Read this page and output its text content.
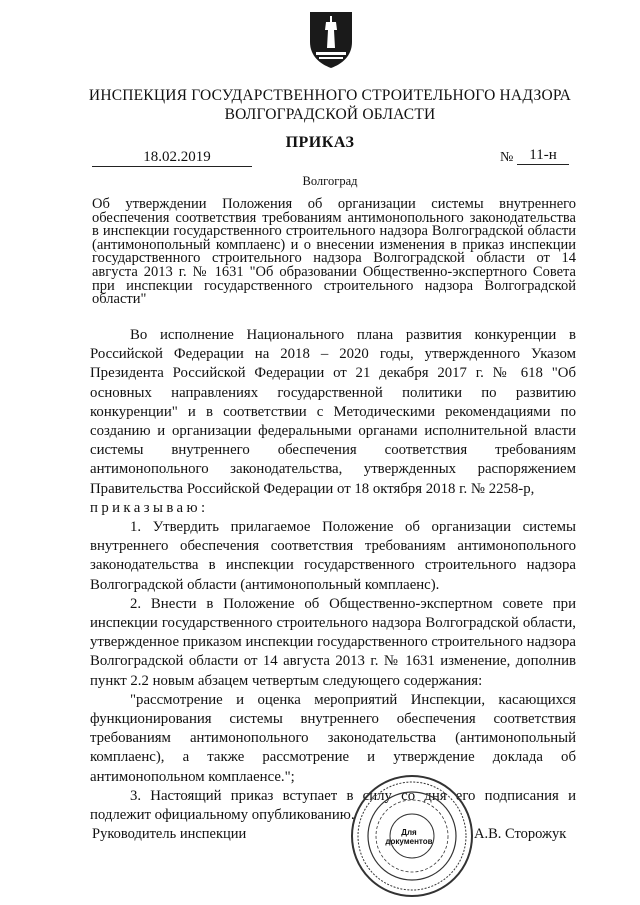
ИНСПЕКЦИЯ ГОСУДАРСТВЕННОГО СТРОИТЕЛЬНОГО НАДЗОРА
ВОЛГОГРАДСКОЙ ОБЛАСТИ
ПРИКАЗ
18.02.2019	№	11-н
Волгоград
Об утверждении Положения об организации системы внутреннего обеспечения соответствия требованиям антимонопольного законодательства в инспекции государственного строительного надзора Волгоградской области (антимонопольный комплаенс) и о внесении изменения в приказ инспекции государственного строительного надзора Волгоградской области от 14 августа 2013 г. № 1631 "Об образовании Общественно-экспертного Совета при инспекции государственного строительного надзора Волгоградской области"

Во исполнение Национального плана развития конкуренции в Российской Федерации на 2018 – 2020 годы, утвержденного Указом Президента Российской Федерации от 21 декабря 2017 г. № 618 "Об основных направлениях государственной политики по развитию конкуренции" и в соответствии с Методическими рекомендациями по созданию и организации федеральными органами исполнительной власти системы внутреннего обеспечения соответствия требованиям антимонопольного законодательства, утвержденных распоряжением Правительства Российской Федерации от 18 октября 2018 г. № 2258-р,

приказываю:

1. Утвердить прилагаемое Положение об организации системы внутреннего обеспечения соответствия требованиям антимонопольного законодательства в инспекции государственного строительного надзора Волгоградской области (антимонопольный комплаенс).

2. Внести в Положение об Общественно-экспертном совете при инспекции государственного строительного надзора Волгоградской области, утвержденное приказом инспекции государственного строительного надзора Волгоградской области от 14 августа 2013 г. № 1631 изменение, дополнив пункт 2.2 новым абзацем четвертым следующего содержания:

"рассмотрение и оценка мероприятий Инспекции, касающихся функционирования системы внутреннего обеспечения соответствия требованиям антимонопольного законодательства (антимонопольный комплаенс), а также рассмотрение и утверждение доклада об антимонопольном комплаенсе.";

3. Настоящий приказ вступает в силу со дня его подписания и подлежит официальному опубликованию.

Руководитель инспекции	А.В. Сторожук
Для
документов
